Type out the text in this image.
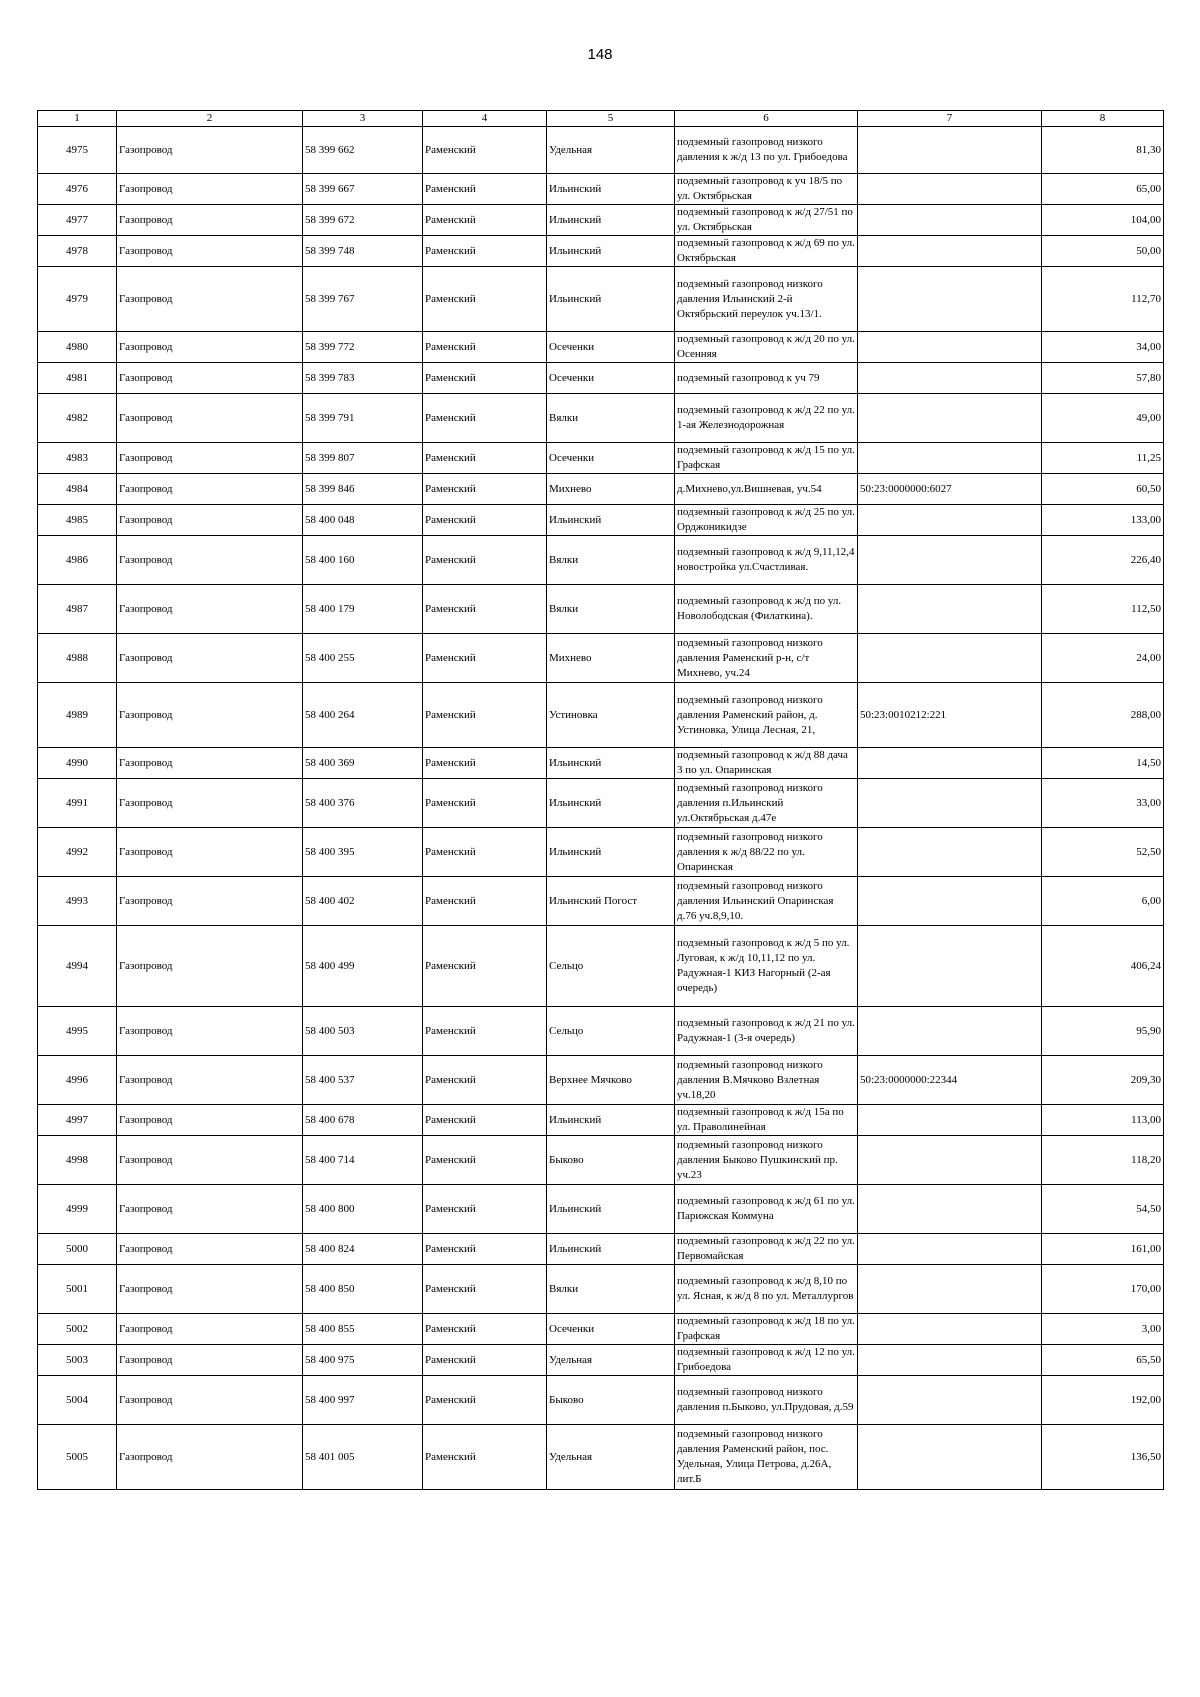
148
1	2	3	4	5	6	7	8
4975	Газопровод	58 399 662	Раменский	Удельная	подземный газопровод низкого давления к ж/д 13 по ул. Грибоедова		81,30
4976	Газопровод	58 399 667	Раменский	Ильинский	подземный газопровод к уч 18/5 по ул. Октябрьская		65,00
4977	Газопровод	58 399 672	Раменский	Ильинский	подземный газопровод к ж/д 27/51 по ул. Октябрьская		104,00
4978	Газопровод	58 399 748	Раменский	Ильинский	подземный газопровод к ж/д 69 по ул. Октябрьская		50,00
4979	Газопровод	58 399 767	Раменский	Ильинский	подземный газопровод низкого давления Ильинский 2-й Октябрьский переулок уч.13/1.		112,70
4980	Газопровод	58 399 772	Раменский	Осеченки	подземный газопровод к ж/д 20 по ул. Осенняя		34,00
4981	Газопровод	58 399 783	Раменский	Осеченки	подземный газопровод к уч 79		57,80
4982	Газопровод	58 399 791	Раменский	Вялки	подземный газопровод к ж/д 22 по ул. 1-ая Железнодорожная		49,00
4983	Газопровод	58 399 807	Раменский	Осеченки	подземный газопровод к ж/д 15 по ул. Графская		11,25
4984	Газопровод	58 399 846	Раменский	Михнево	д.Михнево,ул.Вишневая, уч.54	50:23:0000000:6027	60,50
4985	Газопровод	58 400 048	Раменский	Ильинский	подземный газопровод к ж/д 25 по ул. Орджоникидзе		133,00
4986	Газопровод	58 400 160	Раменский	Вялки	подземный газопровод к ж/д 9,11,12,4 новостройка ул.Счастливая.		226,40
4987	Газопровод	58 400 179	Раменский	Вялки	подземный газопровод к ж/д по ул. Новолободская (Филаткина).		112,50
4988	Газопровод	58 400 255	Раменский	Михнево	подземный газопровод низкого давления Раменский р-н, с/т Михнево, уч.24		24,00
4989	Газопровод	58 400 264	Раменский	Устиновка	подземный газопровод низкого давления Раменский район, д. Устиновка, Улица Лесная, 21,	50:23:0010212:221	288,00
4990	Газопровод	58 400 369	Раменский	Ильинский	подземный газопровод к ж/д 88 дача 3 по ул. Опаринская		14,50
4991	Газопровод	58 400 376	Раменский	Ильинский	подземный газопровод низкого давления п.Ильинский ул.Октябрьская д.47е		33,00
4992	Газопровод	58 400 395	Раменский	Ильинский	подземный газопровод низкого давления к ж/д 88/22 по ул. Опаринская		52,50
4993	Газопровод	58 400 402	Раменский	Ильинский Погост	подземный газопровод низкого давления Ильинский Опаринская д.76 уч.8,9,10.		6,00
4994	Газопровод	58 400 499	Раменский	Сельцо	подземный газопровод к ж/д 5 по ул. Луговая, к ж/д 10,11,12 по ул. Радужная-1 КИЗ Нагорный (2-ая очередь)		406,24
4995	Газопровод	58 400 503	Раменский	Сельцо	подземный газопровод к ж/д 21 по ул. Радужная-1 (3-я очередь)		95,90
4996	Газопровод	58 400 537	Раменский	Верхнее Мячково	подземный газопровод низкого давления В.Мячково Взлетная уч.18,20	50:23:0000000:22344	209,30
4997	Газопровод	58 400 678	Раменский	Ильинский	подземный газопровод к ж/д 15а по ул. Праволинейная		113,00
4998	Газопровод	58 400 714	Раменский	Быково	подземный газопровод низкого давления Быково Пушкинский пр. уч.23		118,20
4999	Газопровод	58 400 800	Раменский	Ильинский	подземный газопровод к ж/д 61 по ул. Парижская Коммуна		54,50
5000	Газопровод	58 400 824	Раменский	Ильинский	подземный газопровод к ж/д 22 по ул. Первомайская		161,00
5001	Газопровод	58 400 850	Раменский	Вялки	подземный газопровод к ж/д 8,10 по ул. Ясная, к ж/д 8 по ул. Металлургов		170,00
5002	Газопровод	58 400 855	Раменский	Осеченки	подземный газопровод к ж/д 18 по ул. Графская		3,00
5003	Газопровод	58 400 975	Раменский	Удельная	подземный газопровод к ж/д 12 по ул. Грибоедова		65,50
5004	Газопровод	58 400 997	Раменский	Быково	подземный газопровод низкого давления п.Быково, ул.Прудовая, д.59		192,00
5005	Газопровод	58 401 005	Раменский	Удельная	подземный газопровод низкого давления Раменский район, пос. Удельная, Улица Петрова, д.26А, лит.Б		136,50
